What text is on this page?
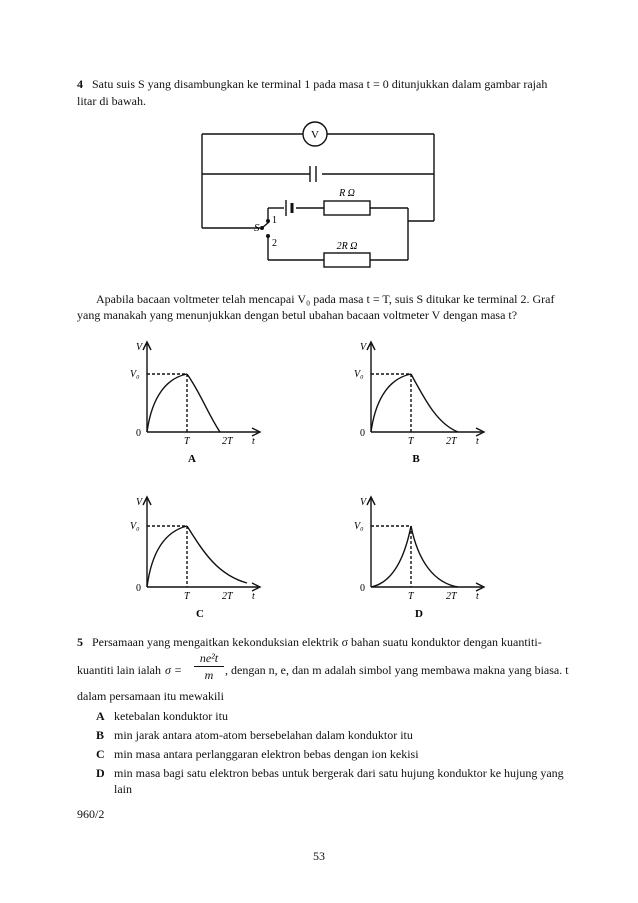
4 Satu suis S yang disambungkan ke terminal 1 pada masa t = 0 ditunjukkan dalam gambar rajah
litar di bawah.
V
S
1
2
R Ω
2R Ω
Apabila bacaan voltmeter telah mencapai V₀ pada masa t = T, suis S ditukar ke terminal 2. Graf
yang manakah yang menunjukkan dengan betul ubahan bacaan voltmeter V dengan masa t?
V
V₀
0
T	2T t
A
V
V₀
0
T	2T t
B
V
V₀
0
T	2T t
C
V
V₀
0
T	2T t
D
5 Persamaan yang mengaitkan kekonduksian elektrik σ bahan suatu konduktor dengan kuantiti-
kuantiti lain ialah σ =
ne²t
m , dengan n, e, dan m adalah simbol yang membawa makna yang biasa. t
dalam persamaan itu mewakili
A ketebalan konduktor itu
B min jarak antara atom-atom bersebelahan dalam konduktor itu
C min masa antara perlanggaran elektron bebas dengan ion kekisi
D min masa bagi satu elektron bebas untuk bergerak dari satu hujung konduktor ke hujung yang
lain
960/2
53
